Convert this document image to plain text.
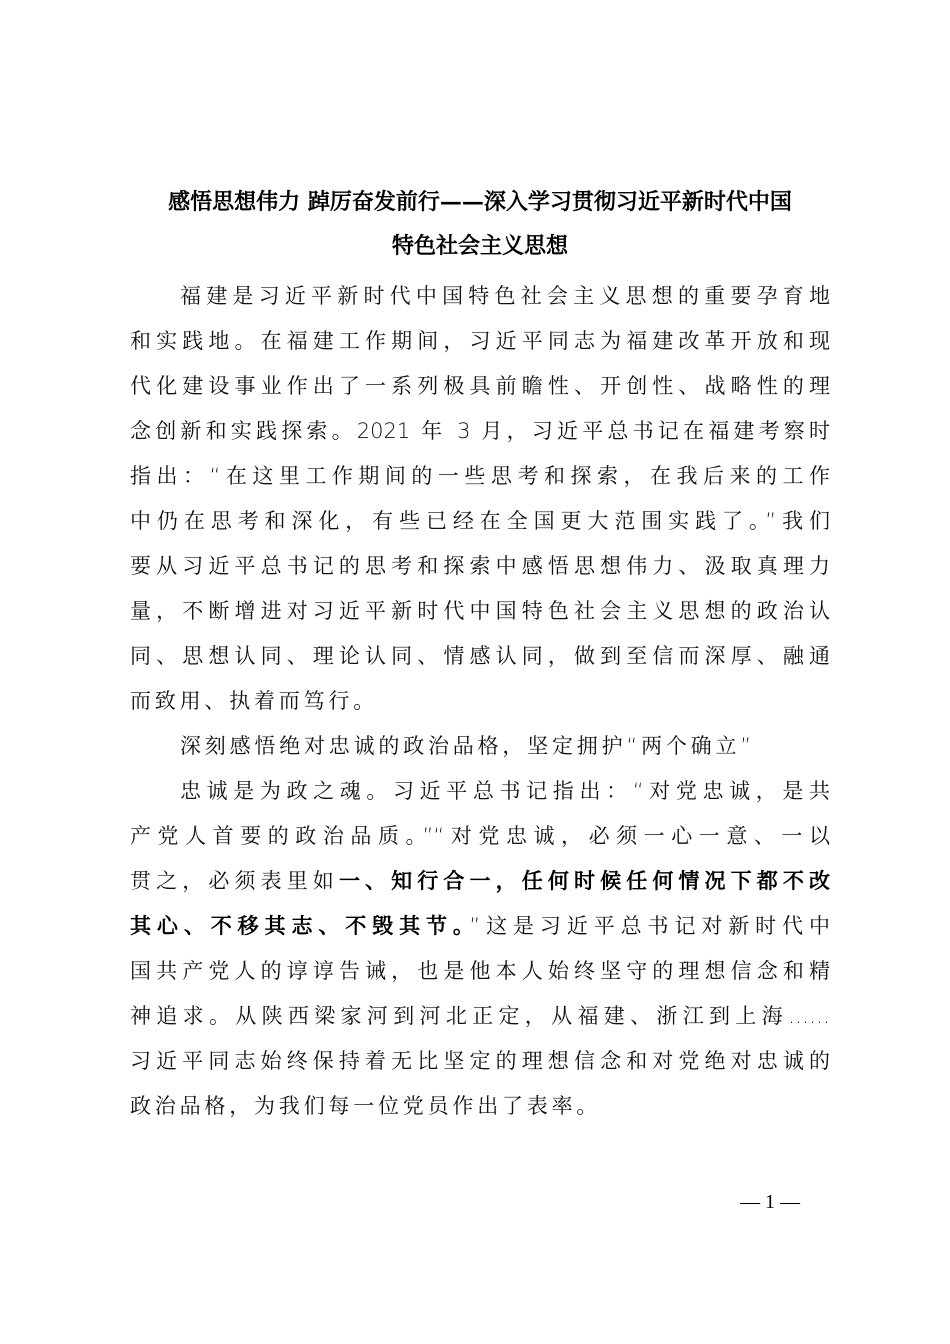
感悟思想伟力 踔厉奋发前行——深入学习贯彻习近平新时代中国
特色社会主义思想
福建是习近平新时代中国特色社会主义思想的重要孕育地
和实践地。在福建工作期间，习近平同志为福建改革开放和现
代化建设事业作出了一系列极具前瞻性、开创性、战略性的理
念创新和实践探索。2021 年 3 月，习近平总书记在福建考察时
指出：“在这里工作期间的一些思考和探索，在我后来的工作
中仍在思考和深化，有些已经在全国更大范围实践了。”我们
要从习近平总书记的思考和探索中感悟思想伟力、汲取真理力
量，不断增进对习近平新时代中国特色社会主义思想的政治认
同、思想认同、理论认同、情感认同，做到至信而深厚、融通
而致用、执着而笃行。
深刻感悟绝对忠诚的政治品格，坚定拥护“两个确立”
忠诚是为政之魂。习近平总书记指出：“对党忠诚，是共
产党人首要的政治品质。”“对党忠诚，必须一心一意、一以
贯之，必须表里如一、知行合一，任何时候任何情况下都不改
其心、不移其志、不毁其节。”这是习近平总书记对新时代中
国共产党人的谆谆告诫，也是他本人始终坚守的理想信念和精
神追求。从陕西梁家河到河北正定，从福建、浙江到上海……
习近平同志始终保持着无比坚定的理想信念和对党绝对忠诚的
政治品格，为我们每一位党员作出了表率。
— 1 —
